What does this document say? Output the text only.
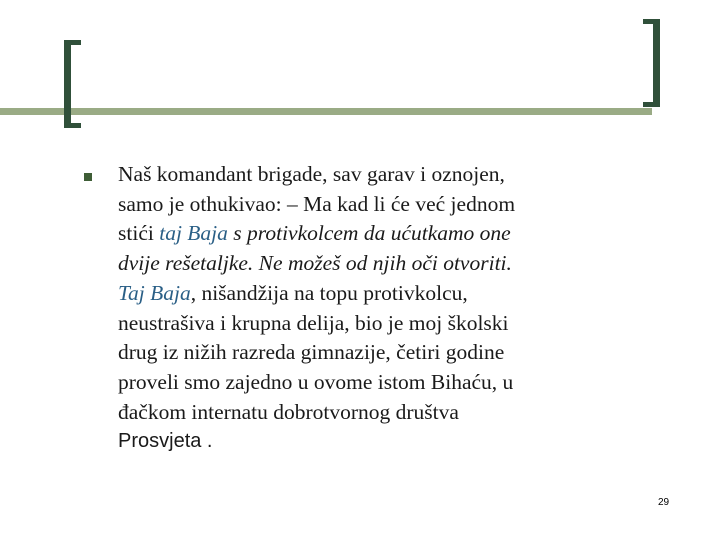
Naš komandant brigade, sav garav i oznojen,
samo je othukivao: – Ma kad li će već jednom
stići taj Baja s protivkolcem da ućutkamo one
dvije rešetaljke. Ne možeš od njih oči otvoriti.
Taj Baja, nišandžija na topu protivkolcu,
neustrašiva i krupna delija, bio je moj školski
drug iz nižih razreda gimnazije, četiri godine
proveli smo zajedno u ovome istom Bihaću, u
đačkom internatu dobrotvornog društva
Prosvjeta .
29
